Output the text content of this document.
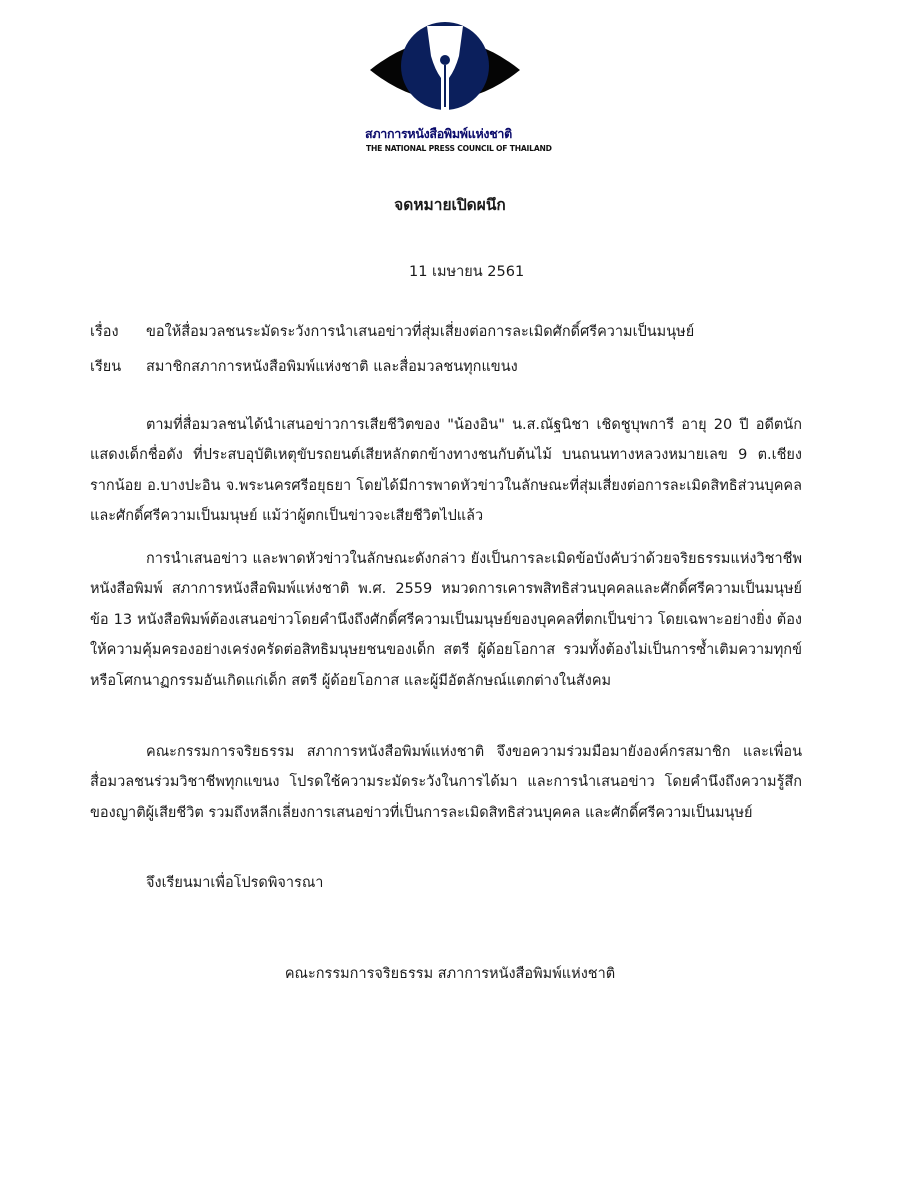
สภาการหนังสือพิมพ์แห่งชาติ
THE NATIONAL PRESS COUNCIL OF THAILAND
จดหมายเปิดผนึก
11 เมษายน 2561
เรื่อง ขอให้สื่อมวลชนระมัดระวังการนำเสนอข่าวที่สุ่มเสี่ยงต่อการละเมิดศักดิ์ศรีความเป็นมนุษย์
เรียน สมาชิกสภาการหนังสือพิมพ์แห่งชาติ และสื่อมวลชนทุกแขนง

ตามที่สื่อมวลชนได้นำเสนอข่าวการเสียชีวิตของ "น้องอิน" น.ส.ณัฐนิชา เชิดชูบุพการี อายุ 20 ปี อดีตนักแสดงเด็กชื่อดัง ที่ประสบอุบัติเหตุขับรถยนต์เสียหลักตกข้างทางชนกับต้นไม้ บนถนนทางหลวงหมายเลข 9 ต.เชียงรากน้อย อ.บางปะอิน จ.พระนครศรีอยุธยา โดยได้มีการพาดหัวข่าวในลักษณะที่สุ่มเสี่ยงต่อการละเมิดสิทธิส่วนบุคคล และศักดิ์ศรีความเป็นมนุษย์ แม้ว่าผู้ตกเป็นข่าวจะเสียชีวิตไปแล้ว

การนำเสนอข่าว และพาดหัวข่าวในลักษณะดังกล่าว ยังเป็นการละเมิดข้อบังคับว่าด้วยจริยธรรมแห่งวิชาชีพหนังสือพิมพ์ สภาการหนังสือพิมพ์แห่งชาติ พ.ศ. 2559 หมวดการเคารพสิทธิส่วนบุคคลและศักดิ์ศรีความเป็นมนุษย์ ข้อ 13 หนังสือพิมพ์ต้องเสนอข่าวโดยคำนึงถึงศักดิ์ศรีความเป็นมนุษย์ของบุคคลที่ตกเป็นข่าว โดยเฉพาะอย่างยิ่ง ต้องให้ความคุ้มครองอย่างเคร่งครัดต่อสิทธิมนุษยชนของเด็ก สตรี ผู้ด้อยโอกาส รวมทั้งต้องไม่เป็นการซ้ำเติมความทุกข์หรือโศกนาฏกรรมอันเกิดแก่เด็ก สตรี ผู้ด้อยโอกาส และผู้มีอัตลักษณ์แตกต่างในสังคม

คณะกรรมการจริยธรรม สภาการหนังสือพิมพ์แห่งชาติ จึงขอความร่วมมือมายังองค์กรสมาชิก และเพื่อนสื่อมวลชนร่วมวิชาชีพทุกแขนง โปรดใช้ความระมัดระวังในการได้มา และการนำเสนอข่าว โดยคำนึงถึงความรู้สึกของญาติผู้เสียชีวิต รวมถึงหลีกเลี่ยงการเสนอข่าวที่เป็นการละเมิดสิทธิส่วนบุคคล และศักดิ์ศรีความเป็นมนุษย์

จึงเรียนมาเพื่อโปรดพิจารณา

คณะกรรมการจริยธรรม สภาการหนังสือพิมพ์แห่งชาติ
